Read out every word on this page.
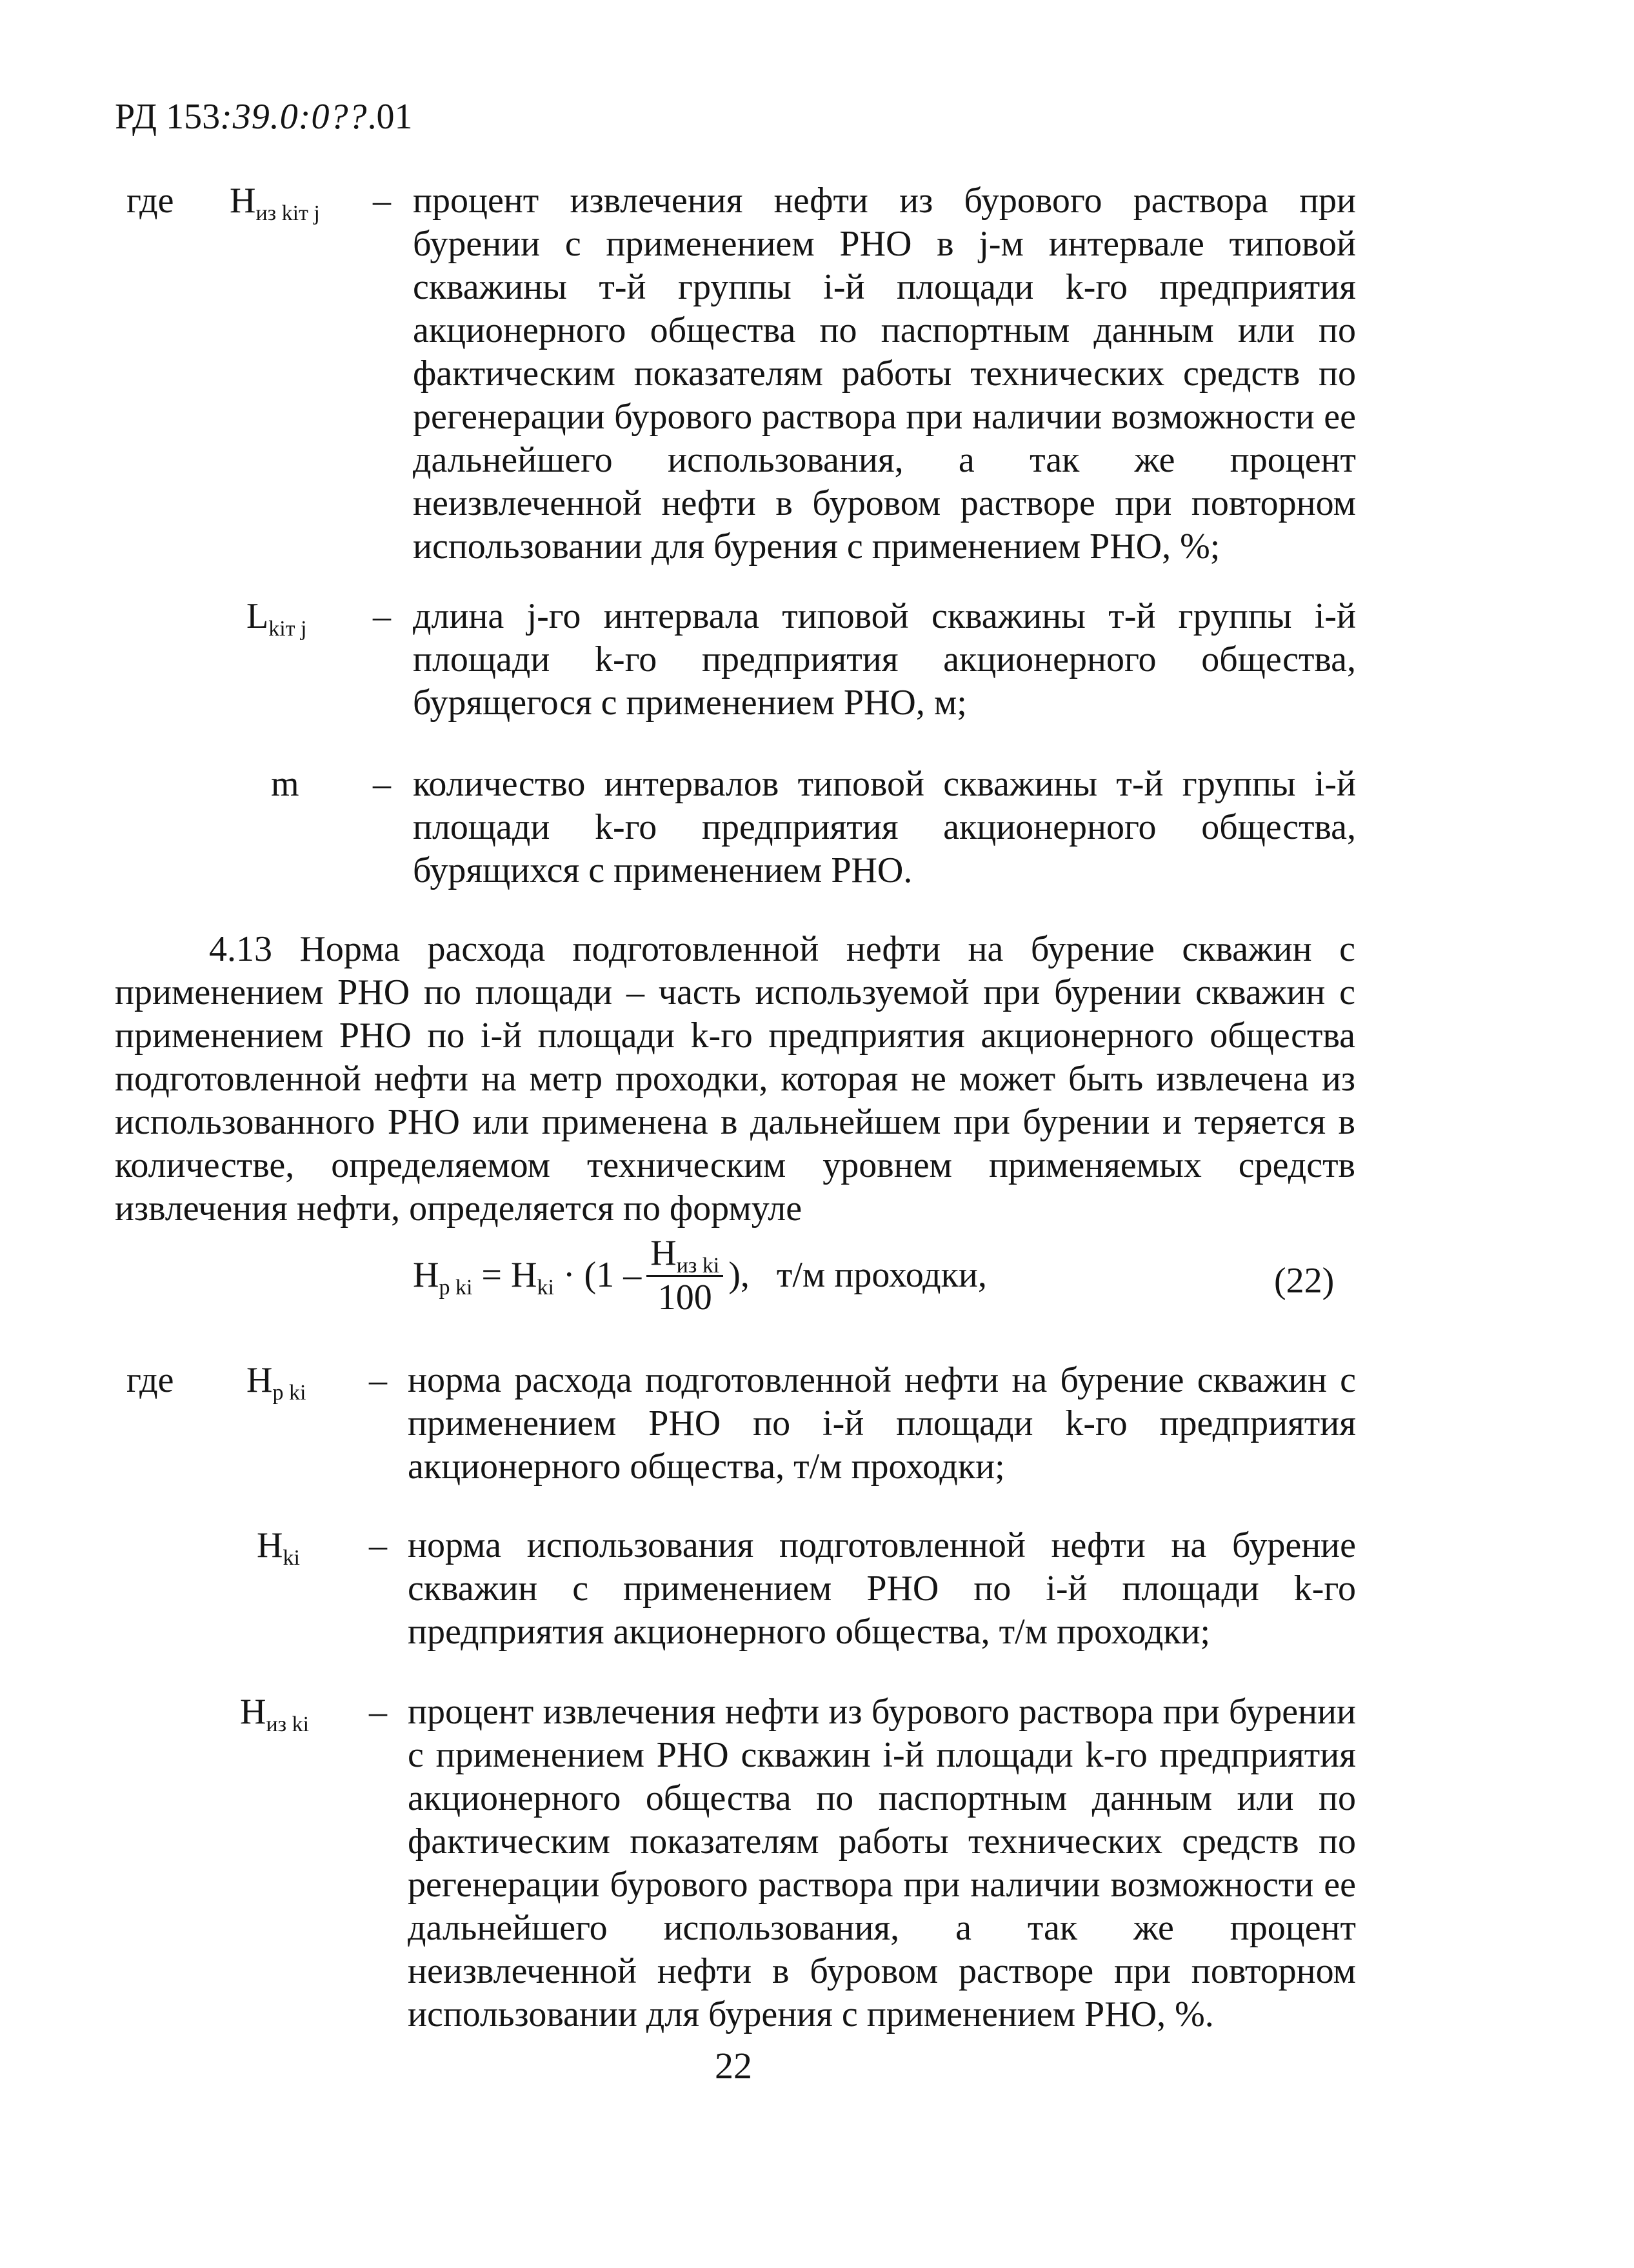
РД 153:39.0:0??.01
где $Н_{из kiт j}$ – процент извлечения нефти из бурового раствора при бурении с применением РНО в j-м интервале типовой скважины т-й группы i-й площади k-го предприятия акционерного общества по паспортным данным или по фактическим показателям работы технических средств по регенерации бурового раствора при наличии возможности ее дальнейшего использования, а так же процент неизвлеченной нефти в буровом растворе при повторном использовании для бурения с применением РНО, %;
$L_{kiт j}$ – длина j-го интервала типовой скважины т-й группы i-й площади k-го предприятия акционерного общества, бурящегося с применением РНО, м;
m – количество интервалов типовой скважины т-й группы i-й площади k-го предприятия акционерного общества, бурящихся с применением РНО.
4.13 Норма расхода подготовленной нефти на бурение скважин с применением РНО по площади – часть используемой при бурении скважин с применением РНО по i-й площади k-го предприятия акционерного общества подготовленной нефти на метр проходки, которая не может быть извлечена из использованного РНО или применена в дальнейшем при бурении и теряется в количестве, определяемом техническим уровнем применяемых средств извлечения нефти, определяется по формуле
$Н_{p ki} = Н_{ki} \cdot (1 - \frac{Н_{из ki}}{100}$ ),   т/м проходки,	(22)
где $Н_{p ki}$ – норма расхода подготовленной нефти на бурение скважин с применением РНО по i-й площади k-го предприятия акционерного общества, т/м проходки;
$Н_{ki}$ – норма использования подготовленной нефти на бурение скважин с применением РНО по i-й площади k-го предприятия акционерного общества, т/м проходки;
$Н_{из ki}$ – процент извлечения нефти из бурового раствора при бурении с применением РНО скважин i-й площади k-го предприятия акционерного общества по паспортным данным или по фактическим показателям работы технических средств по регенерации бурового раствора при наличии возможности ее дальнейшего использования, а так же процент неизвлеченной нефти в буровом растворе при повторном использовании для бурения с применением РНО, %.
22
